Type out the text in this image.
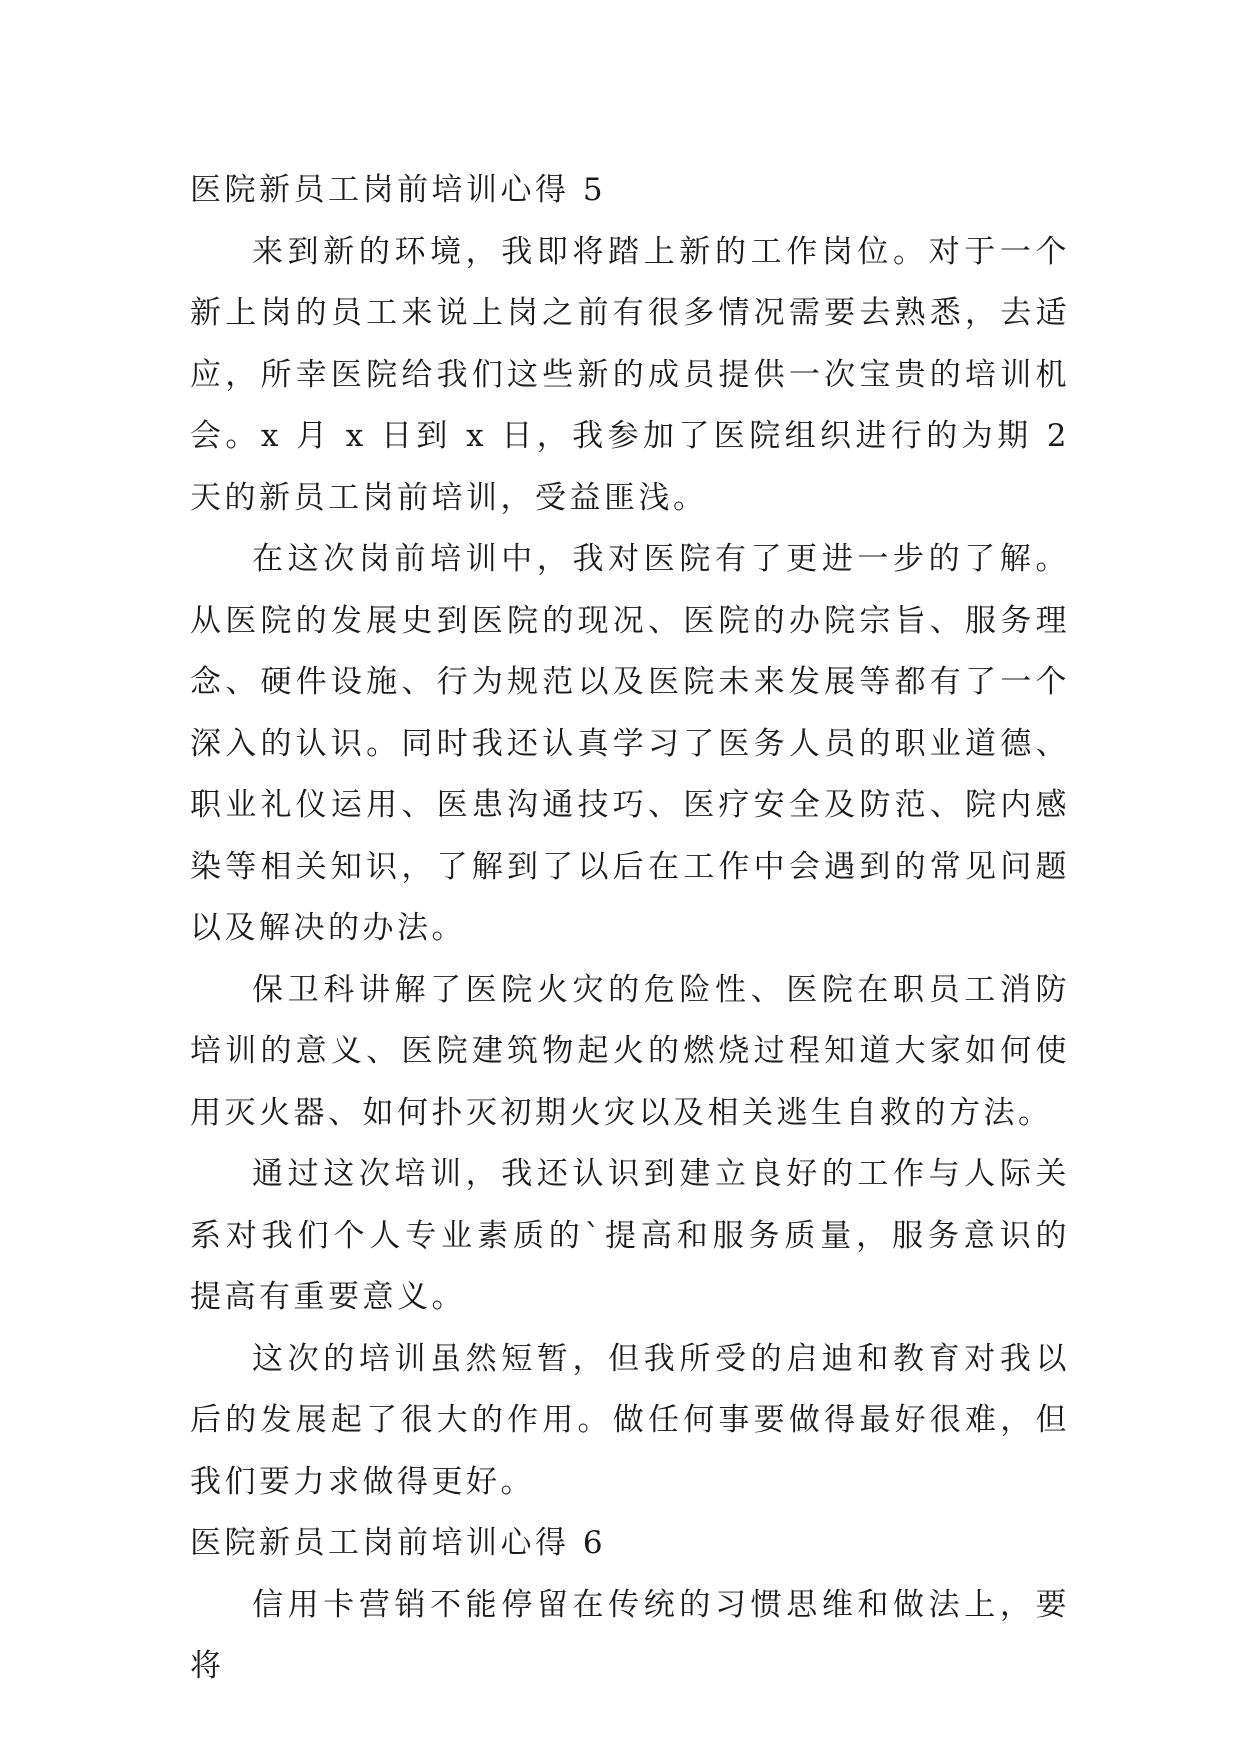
医院新员工岗前培训心得 5

来到新的环境，我即将踏上新的工作岗位。对于一个新上岗的员工来说上岗之前有很多情况需要去熟悉，去适应，所幸医院给我们这些新的成员提供一次宝贵的培训机会。x 月 x 日到 x 日，我参加了医院组织进行的为期 2 天的新员工岗前培训，受益匪浅。

在这次岗前培训中，我对医院有了更进一步的了解。从医院的发展史到医院的现况、医院的办院宗旨、服务理念、硬件设施、行为规范以及医院未来发展等都有了一个深入的认识。同时我还认真学习了医务人员的职业道德、职业礼仪运用、医患沟通技巧、医疗安全及防范、院内感染等相关知识，了解到了以后在工作中会遇到的常见问题以及解决的办法。

保卫科讲解了医院火灾的危险性、医院在职员工消防培训的意义、医院建筑物起火的燃烧过程知道大家如何使用灭火器、如何扑灭初期火灾以及相关逃生自救的方法。

通过这次培训，我还认识到建立良好的工作与人际关系对我们个人专业素质的`提高和服务质量，服务意识的提高有重要意义。

这次的培训虽然短暂，但我所受的启迪和教育对我以后的发展起了很大的作用。做任何事要做得最好很难，但我们要力求做得更好。

医院新员工岗前培训心得 6

信用卡营销不能停留在传统的习惯思维和做法上，要将
